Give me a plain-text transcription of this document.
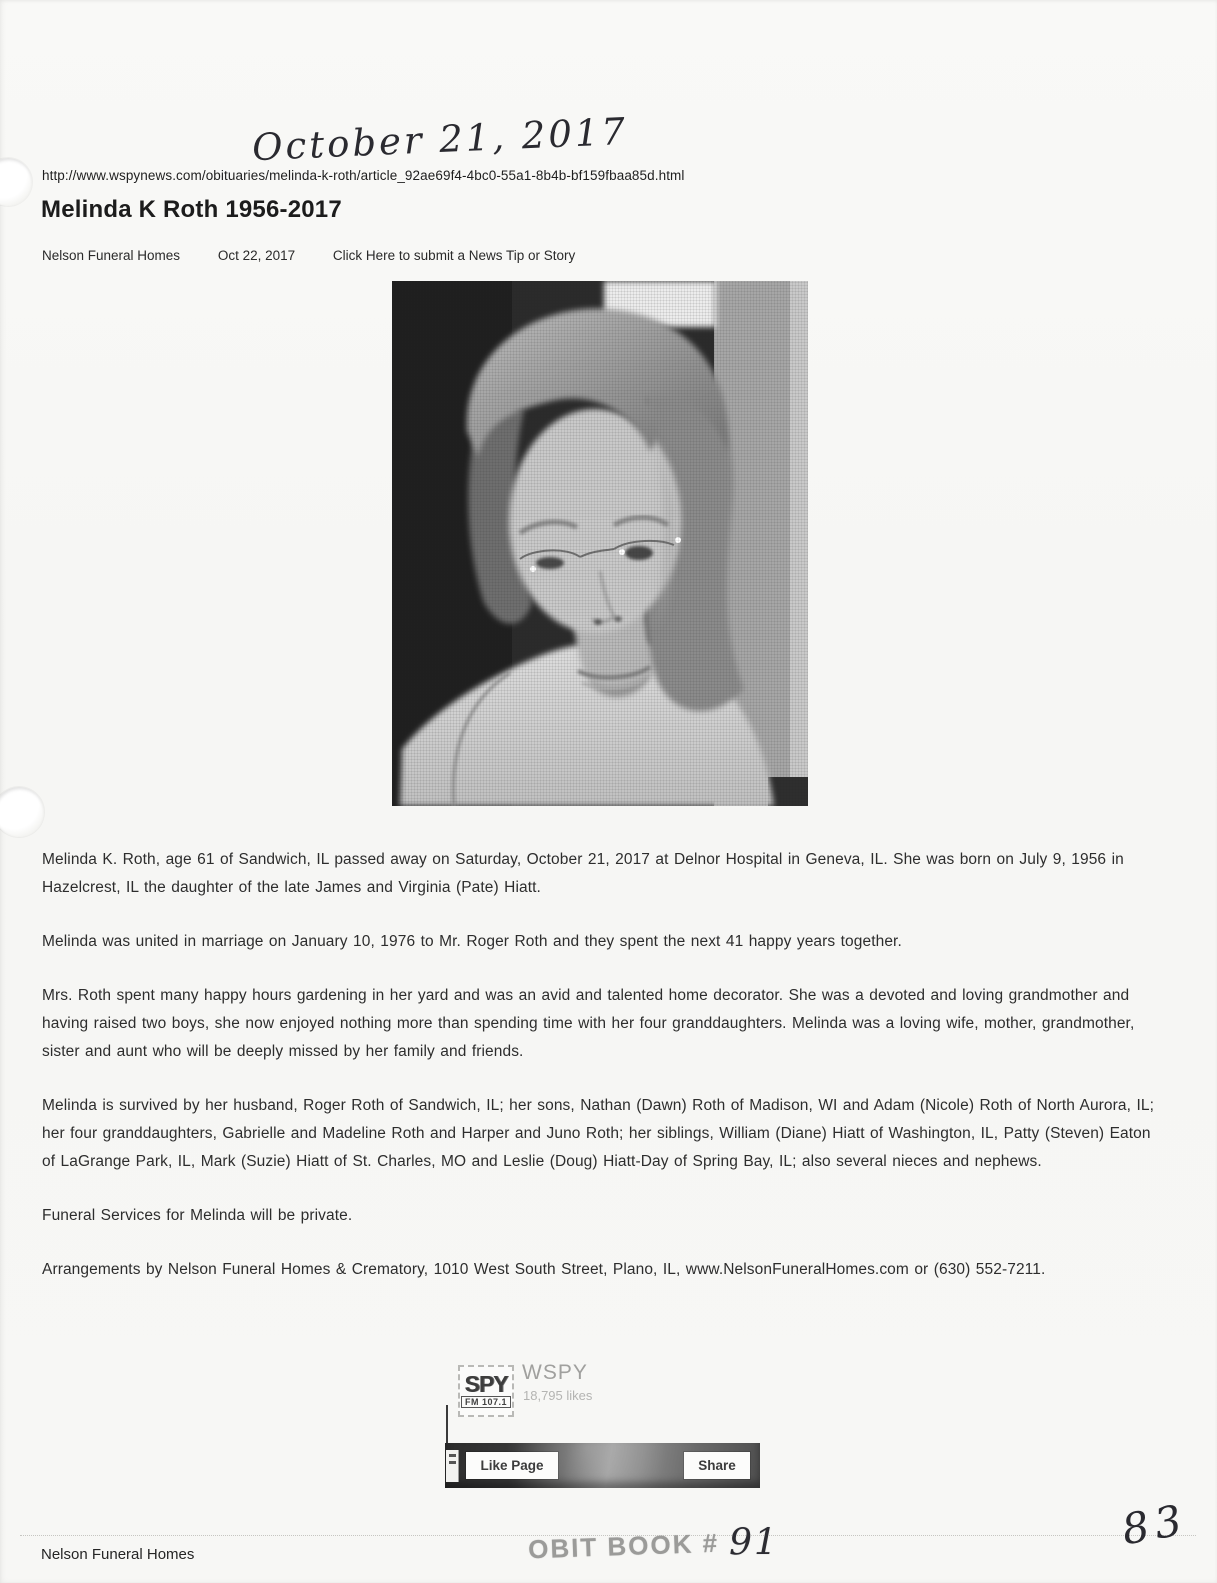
October 21, 2017
http://www.wspynews.com/obituaries/melinda-k-roth/article_92ae69f4-4bc0-55a1-8b4b-bf159fbaa85d.html
Melinda K Roth 1956-2017
Nelson Funeral Homes	Oct 22, 2017	Click Here to submit a News Tip or Story

Melinda K. Roth, age 61 of Sandwich, IL passed away on Saturday, October 21, 2017 at Delnor Hospital in Geneva, IL. She was born on July 9, 1956 in Hazelcrest, IL the daughter of the late James and Virginia (Pate) Hiatt.

Melinda was united in marriage on January 10, 1976 to Mr. Roger Roth and they spent the next 41 happy years together.

Mrs. Roth spent many happy hours gardening in her yard and was an avid and talented home decorator. She was a devoted and loving grandmother and having raised two boys, she now enjoyed nothing more than spending time with her four granddaughters. Melinda was a loving wife, mother, grandmother, sister and aunt who will be deeply missed by her family and friends.

Melinda is survived by her husband, Roger Roth of Sandwich, IL; her sons, Nathan (Dawn) Roth of Madison, WI and Adam (Nicole) Roth of North Aurora, IL; her four granddaughters, Gabrielle and Madeline Roth and Harper and Juno Roth; her siblings, William (Diane) Hiatt of Washington, IL, Patty (Steven) Eaton of LaGrange Park, IL, Mark (Suzie) Hiatt of St. Charles, MO and Leslie (Doug) Hiatt-Day of Spring Bay, IL; also several nieces and nephews.

Funeral Services for Melinda will be private.

Arrangements by Nelson Funeral Homes & Crematory, 1010 West South Street, Plano, IL, www.NelsonFuneralHomes.com or (630) 552-7211.

SPY
FM 107.1
WSPY
18,795 likes
Like Page	Share
Nelson Funeral Homes	OBIT BOOK # 91	83
